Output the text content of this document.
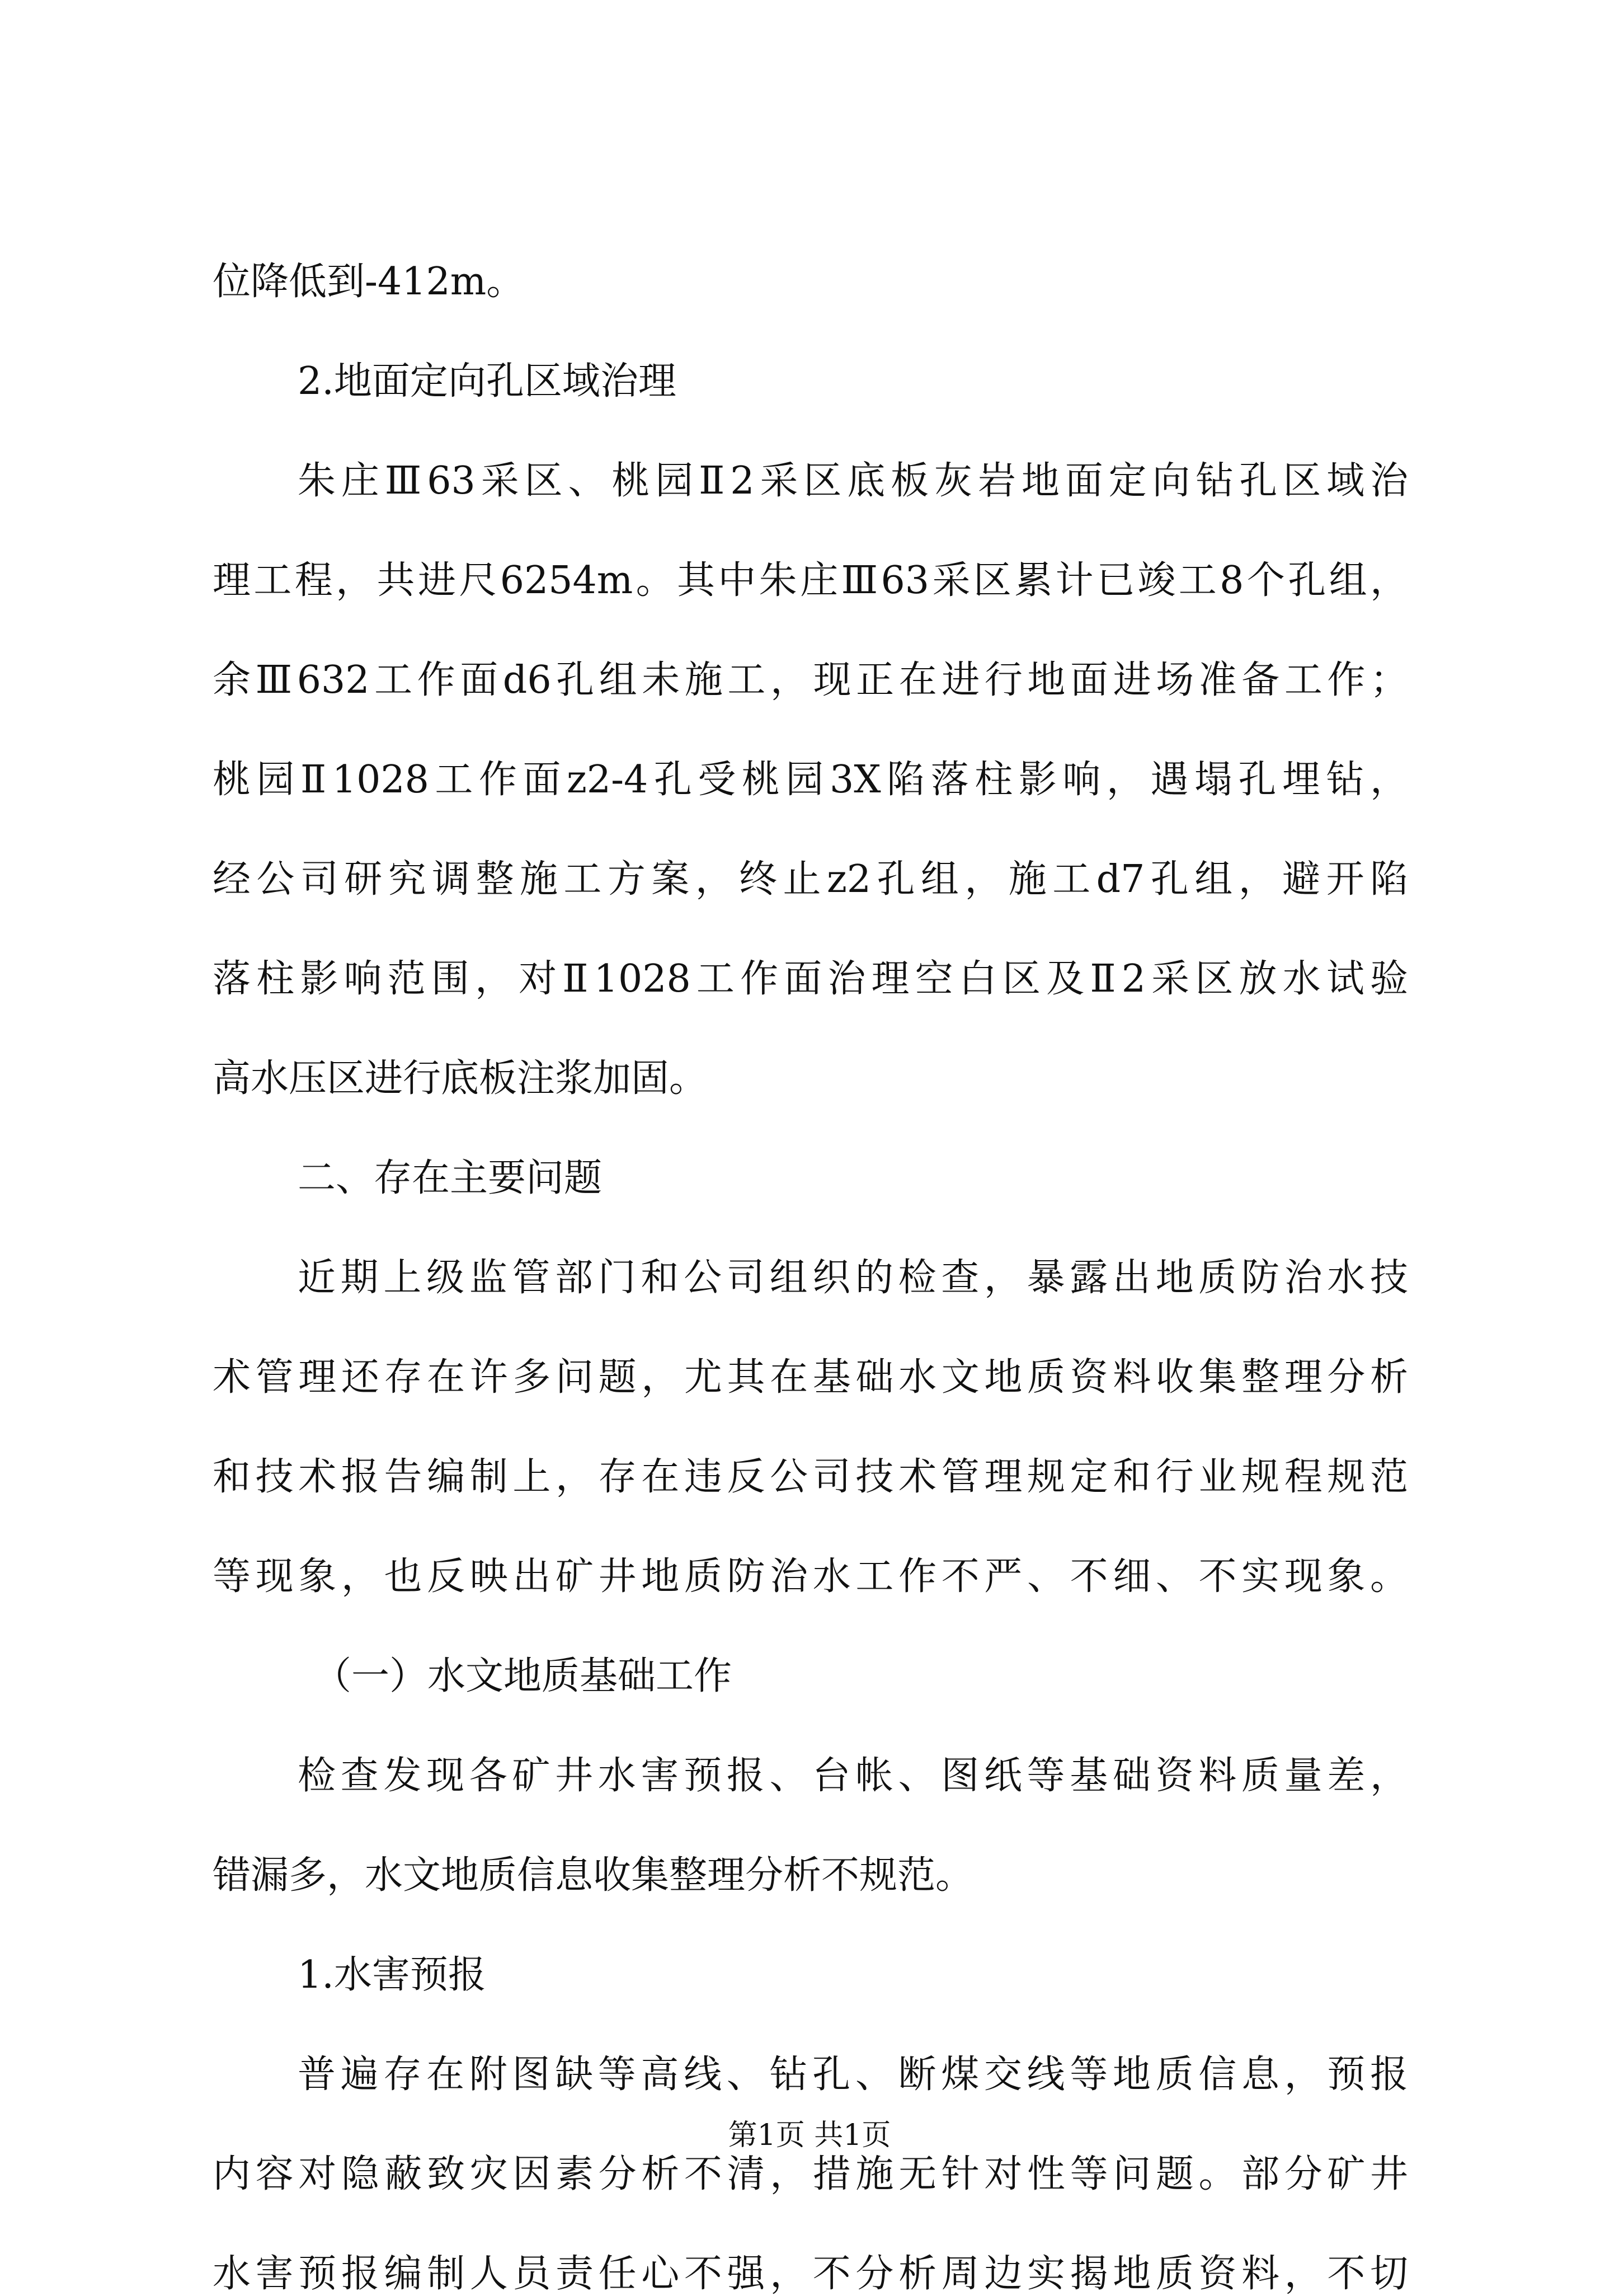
位降低到-412m。
2.地面定向孔区域治理
朱庄Ⅲ63采区、桃园Ⅱ2采区底板灰岩地面定向钻孔区域治
理工程，共进尺6254m。其中朱庄Ⅲ63采区累计已竣工8个孔组，
余Ⅲ632工作面d6孔组未施工，现正在进行地面进场准备工作；
桃园Ⅱ1028工作面z2-4孔受桃园3X陷落柱影响，遇塌孔埋钻，
经公司研究调整施工方案，终止z2孔组，施工d7孔组，避开陷
落柱影响范围，对Ⅱ1028工作面治理空白区及Ⅱ2采区放水试验
高水压区进行底板注浆加固。
二、存在主要问题
近期上级监管部门和公司组织的检查，暴露出地质防治水技
术管理还存在许多问题，尤其在基础水文地质资料收集整理分析
和技术报告编制上，存在违反公司技术管理规定和行业规程规范
等现象，也反映出矿井地质防治水工作不严、不细、不实现象。
（一）水文地质基础工作
检查发现各矿井水害预报、台帐、图纸等基础资料质量差，
错漏多，水文地质信息收集整理分析不规范。
1.水害预报
普遍存在附图缺等高线、钻孔、断煤交线等地质信息，预报
内容对隐蔽致灾因素分析不清，措施无针对性等问题。部分矿井
水害预报编制人员责任心不强，不分析周边实揭地质资料，不切
第1页 共1页
